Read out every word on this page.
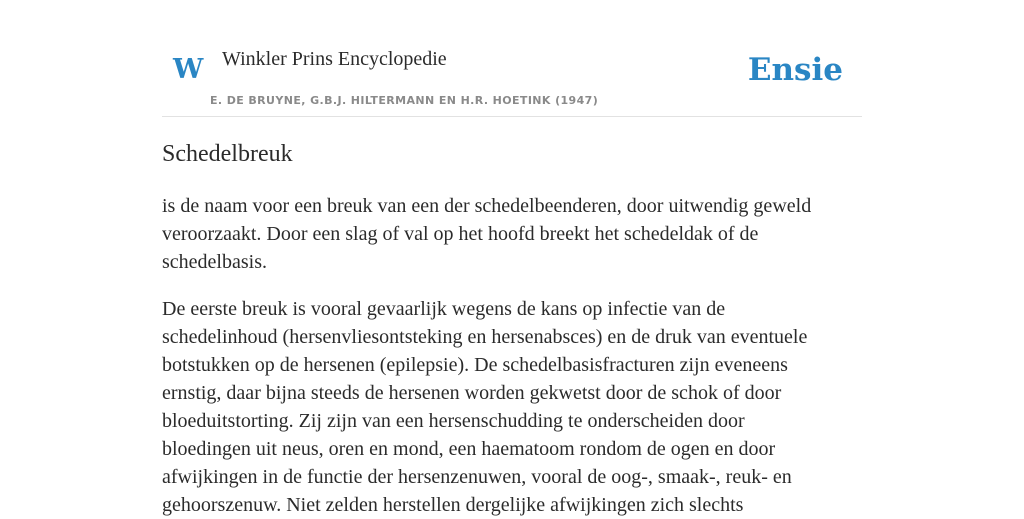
W Winkler Prins Encyclopedie
E. DE BRUYNE, G.B.J. HILTERMANN EN H.R. HOETINK (1947)
Ensie
Schedelbreuk

is de naam voor een breuk van een der schedelbeenderen, door uitwendig geweld
veroorzaakt. Door een slag of val op het hoofd breekt het schedeldak of de
schedelbasis.

De eerste breuk is vooral gevaarlijk wegens de kans op infectie van de
schedelinhoud (hersenvliesontsteking en hersenabsces) en de druk van eventuele
botstukken op de hersenen (epilepsie). De schedelbasisfracturen zijn eveneens
ernstig, daar bijna steeds de hersenen worden gekwetst door de schok of door
bloeduitstorting. Zij zijn van een hersenschudding te onderscheiden door
bloedingen uit neus, oren en mond, een haematoom rondom de ogen en door
afwijkingen in de functie der hersenzenuwen, vooral de oog-, smaak-, reuk- en
gehoorszenuw. Niet zelden herstellen dergelijke afwijkingen zich slechts
